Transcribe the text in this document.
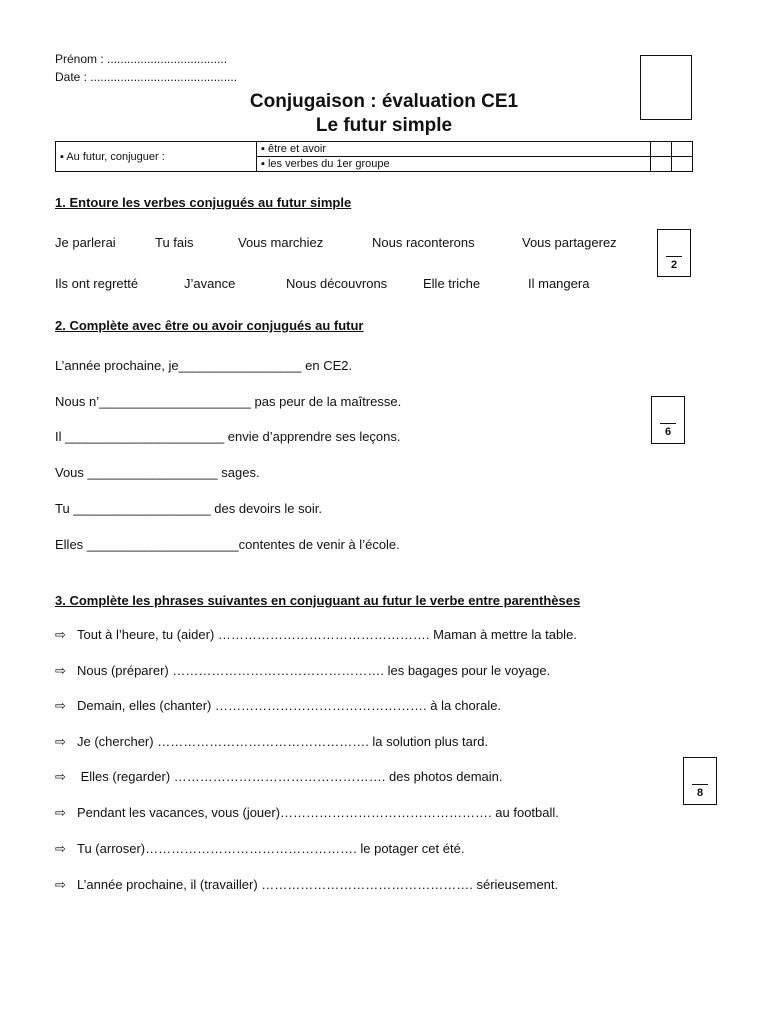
Prénom : ....................................
Date : ............................................
Conjugaison : évaluation CE1
Le futur simple
▪ Au futur, conjuguer :	▪ être et avoir		
	▪ les verbes du 1er groupe		
1. Entoure les verbes conjugués au futur simple
Je parlerai	Tu fais	Vous marchiez	Nous raconterons	Vous partagerez
Ils ont regretté	J’avance	Nous découvrons	Elle triche	Il mangera
2
2. Complète avec être ou avoir conjugués au futur
L’année prochaine, je_________________ en CE2.
Nous n’_____________________ pas peur de la maîtresse.
Il ______________________ envie d’apprendre ses leçons.
Vous __________________ sages.
Tu ___________________ des devoirs le soir.
Elles _____________________contentes de venir à l’école.
6
3. Complète les phrases suivantes en conjuguant au futur le verbe entre parenthèses
⇨ Tout à l’heure, tu (aider) …………………………………………. Maman à mettre la table.
⇨ Nous (préparer) …………………………………………. les bagages pour le voyage.
⇨ Demain, elles (chanter) …………………………………………. à la chorale.
⇨ Je (chercher) …………………………………………. la solution plus tard.
⇨ Elles (regarder) …………………………………………. des photos demain.
⇨ Pendant les vacances, vous (jouer)…………………………………………. au football.
⇨ Tu (arroser)…………………………………………. le potager cet été.
⇨ L’année prochaine, il (travailler) …………………………………………. sérieusement.
8
